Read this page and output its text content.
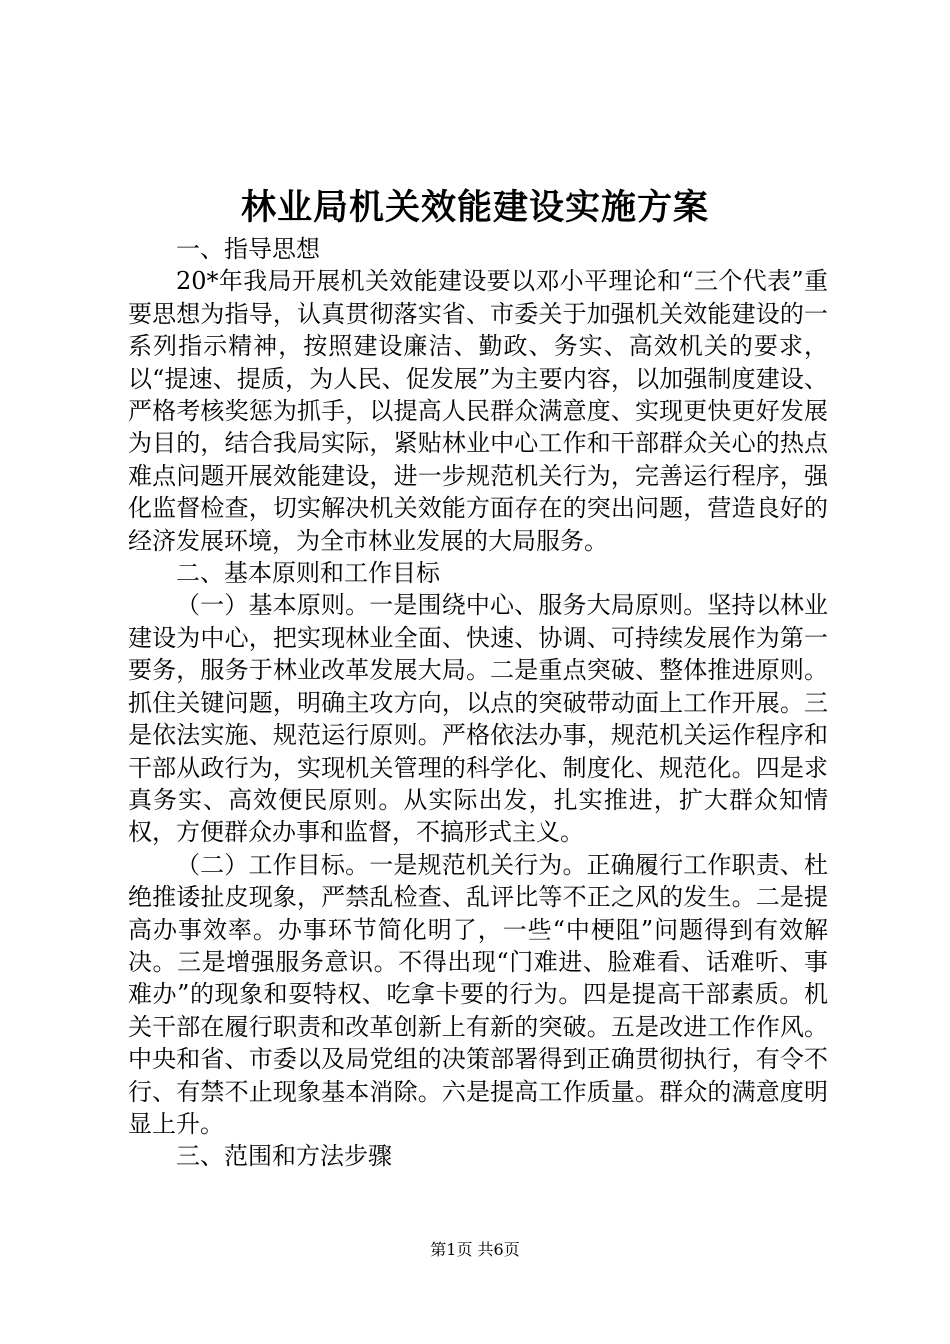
林业局机关效能建设实施方案

一、指导思想

20*年我局开展机关效能建设要以邓小平理论和“三个代表”重要思想为指导，认真贯彻落实省、市委关于加强机关效能建设的一系列指示精神，按照建设廉洁、勤政、务实、高效机关的要求，以“提速、提质，为人民、促发展”为主要内容，以加强制度建设、严格考核奖惩为抓手，以提高人民群众满意度、实现更快更好发展为目的，结合我局实际，紧贴林业中心工作和干部群众关心的热点难点问题开展效能建设，进一步规范机关行为，完善运行程序，强化监督检查，切实解决机关效能方面存在的突出问题，营造良好的经济发展环境，为全市林业发展的大局服务。

二、基本原则和工作目标

（一）基本原则。一是围绕中心、服务大局原则。坚持以林业建设为中心，把实现林业全面、快速、协调、可持续发展作为第一要务，服务于林业改革发展大局。二是重点突破、整体推进原则。抓住关键问题，明确主攻方向，以点的突破带动面上工作开展。三是依法实施、规范运行原则。严格依法办事，规范机关运作程序和干部从政行为，实现机关管理的科学化、制度化、规范化。四是求真务实、高效便民原则。从实际出发，扎实推进，扩大群众知情权，方便群众办事和监督，不搞形式主义。

（二）工作目标。一是规范机关行为。正确履行工作职责、杜绝推诿扯皮现象，严禁乱检查、乱评比等不正之风的发生。二是提高办事效率。办事环节简化明了，一些“中梗阻”问题得到有效解决。三是增强服务意识。不得出现“门难进、脸难看、话难听、事难办”的现象和耍特权、吃拿卡要的行为。四是提高干部素质。机关干部在履行职责和改革创新上有新的突破。五是改进工作作风。中央和省、市委以及局党组的决策部署得到正确贯彻执行，有令不行、有禁不止现象基本消除。六是提高工作质量。群众的满意度明显上升。

三、范围和方法步骤

第1页 共6页
